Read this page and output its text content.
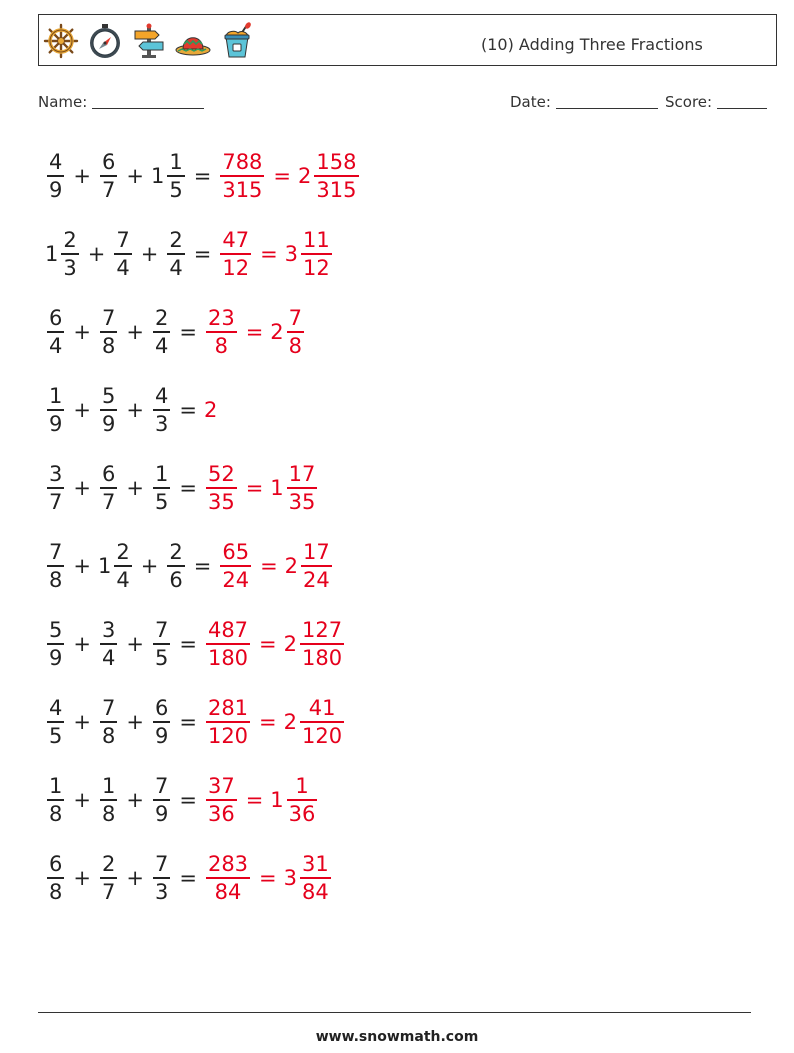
(10) Adding Three Fractions
Name:	Date:	Score:
$\frac{4}{9} + \frac{6}{7} + 1 \frac{1}{5} = \frac{788}{315} = 2 \frac{158}{315}$
$1 \frac{2}{3} + \frac{7}{4} + \frac{2}{4} = \frac{47}{12} = 3 \frac{11}{12}$
$\frac{6}{4} + \frac{7}{8} + \frac{2}{4} = \frac{23}{8} = 2 \frac{7}{8}$
$\frac{1}{9} + \frac{5}{9} + \frac{4}{3} = 2$
$\frac{3}{7} + \frac{6}{7} + \frac{1}{5} = \frac{52}{35} = 1 \frac{17}{35}$
$\frac{7}{8} + 1 \frac{2}{4} + \frac{2}{6} = \frac{65}{24} = 2 \frac{17}{24}$
$\frac{5}{9} + \frac{3}{4} + \frac{7}{5} = \frac{487}{180} = 2 \frac{127}{180}$
$\frac{4}{5} + \frac{7}{8} + \frac{6}{9} = \frac{281}{120} = 2 \frac{41}{120}$
$\frac{1}{8} + \frac{1}{8} + \frac{7}{9} = \frac{37}{36} = 1 \frac{1}{36}$
$\frac{6}{8} + \frac{2}{7} + \frac{7}{3} = \frac{283}{84} = 3 \frac{31}{84}$
www.snowmath.com
